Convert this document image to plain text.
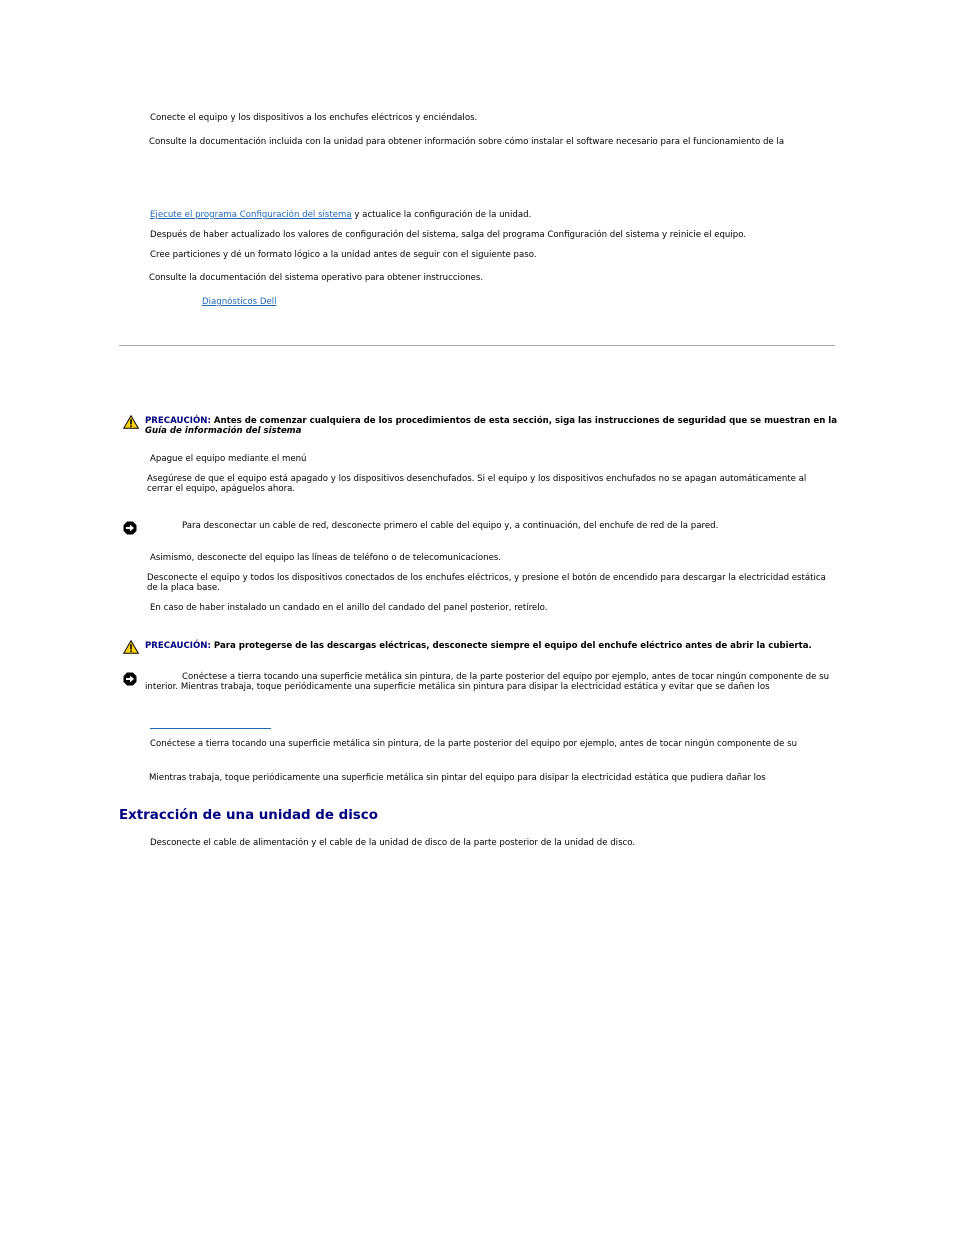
Conecte el equipo y los dispositivos a los enchufes eléctricos y enciéndalos.
Consulte la documentación incluida con la unidad para obtener información sobre cómo instalar el software necesario para el funcionamiento de la
Ejecute el programa Configuración del sistema y actualice la configuración de la unidad.
Después de haber actualizado los valores de configuración del sistema, salga del programa Configuración del sistema y reinicie el equipo.
Cree particiones y dé un formato lógico a la unidad antes de seguir con el siguiente paso.
Consulte la documentación del sistema operativo para obtener instrucciones.
Diagnósticos Dell
PRECAUCIÓN: Antes de comenzar cualquiera de los procedimientos de esta sección, siga las instrucciones de seguridad que se muestran en la
Guía de información del sistema
Apague el equipo mediante el menú
Asegúrese de que el equipo está apagado y los dispositivos desenchufados. Si el equipo y los dispositivos enchufados no se apagan automáticamente al cerrar el equipo, apáguelos ahora.
Para desconectar un cable de red, desconecte primero el cable del equipo y, a continuación, del enchufe de red de la pared.
Asimismo, desconecte del equipo las líneas de teléfono o de telecomunicaciones.
Desconecte el equipo y todos los dispositivos conectados de los enchufes eléctricos, y presione el botón de encendido para descargar la electricidad estática de la placa base.
En caso de haber instalado un candado en el anillo del candado del panel posterior, retírelo.
PRECAUCIÓN: Para protegerse de las descargas eléctricas, desconecte siempre el equipo del enchufe eléctrico antes de abrir la cubierta.
Conéctese a tierra tocando una superficie metálica sin pintura, de la parte posterior del equipo por ejemplo, antes de tocar ningún componente de su interior. Mientras trabaja, toque periódicamente una superficie metálica sin pintura para disipar la electricidad estática y evitar que se dañen los
Conéctese a tierra tocando una superficie metálica sin pintura, de la parte posterior del equipo por ejemplo, antes de tocar ningún componente de su
Mientras trabaja, toque periódicamente una superficie metálica sin pintar del equipo para disipar la electricidad estática que pudiera dañar los
Extracción de una unidad de disco
Desconecte el cable de alimentación y el cable de la unidad de disco de la parte posterior de la unidad de disco.
